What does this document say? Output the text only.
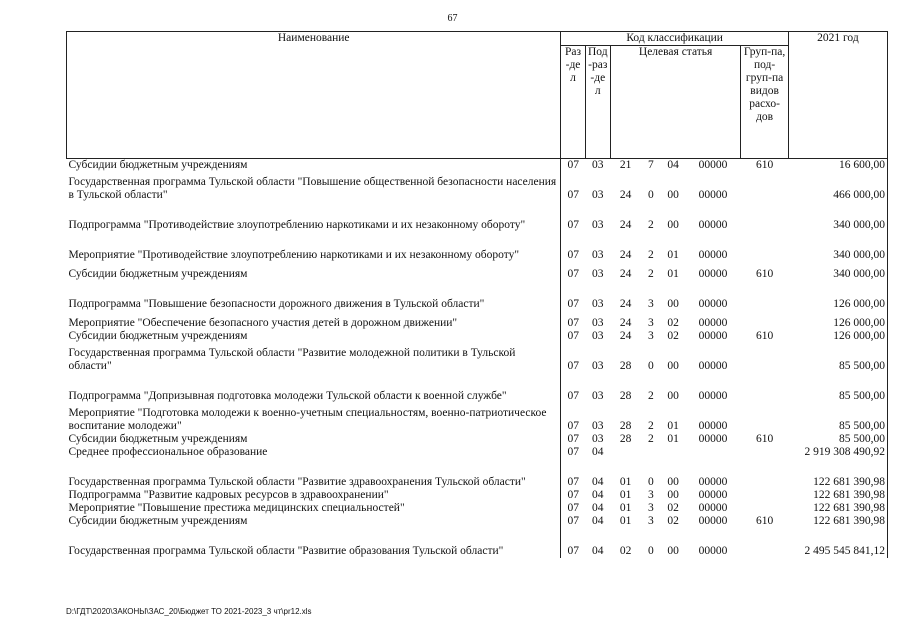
67
Наименование	Код классификации							2021 год
	Раз-дел	Под-раз-дел	Целевая статья				Груп-па, под-груп-па видов расхо-дов	
Субсидии бюджетным учреждениям	07	03	21	7	04	00000	610	16 600,00
Государственная программа Тульской области "Повышение общественной безопасности населения в Тульской области"	07	03	24	0	00	00000		466 000,00
Подпрограмма "Противодействие злоупотреблению наркотиками и их незаконному обороту"	07	03	24	2	00	00000		340 000,00
Мероприятие "Противодействие злоупотреблению наркотиками и их незаконному обороту"	07	03	24	2	01	00000		340 000,00
Субсидии бюджетным учреждениям	07	03	24	2	01	00000	610	340 000,00
Подпрограмма "Повышение безопасности дорожного движения в Тульской области"	07	03	24	3	00	00000		126 000,00
Мероприятие "Обеспечение безопасного участия детей в дорожном движении"	07	03	24	3	02	00000		126 000,00
Субсидии бюджетным учреждениям	07	03	24	3	02	00000	610	126 000,00
Государственная программа Тульской области "Развитие молодежной политики в Тульской области"	07	03	28	0	00	00000		85 500,00
Подпрограмма "Допризывная подготовка молодежи Тульской области к военной службе"	07	03	28	2	00	00000		85 500,00
Мероприятие "Подготовка молодежи к военно-учетным специальностям, военно-патриотическое воспитание молодежи"	07	03	28	2	01	00000		85 500,00
Субсидии бюджетным учреждениям	07	03	28	2	01	00000	610	85 500,00
Среднее профессиональное образование	07	04						2 919 308 490,92
Государственная программа Тульской области "Развитие здравоохранения Тульской области"	07	04	01	0	00	00000		122 681 390,98
Подпрограмма "Развитие кадровых ресурсов в здравоохранении"	07	04	01	3	00	00000		122 681 390,98
Мероприятие "Повышение престижа медицинских специальностей"	07	04	01	3	02	00000		122 681 390,98
Субсидии бюджетным учреждениям	07	04	01	3	02	00000	610	122 681 390,98
Государственная программа Тульской области "Развитие образования Тульской области"	07	04	02	0	00	00000		2 495 545 841,12
D:\ГДТ\2020\ЗАКОНЫ\ЗАС_20\Бюджет ТО 2021-2023_3 чт\pr12.xls
